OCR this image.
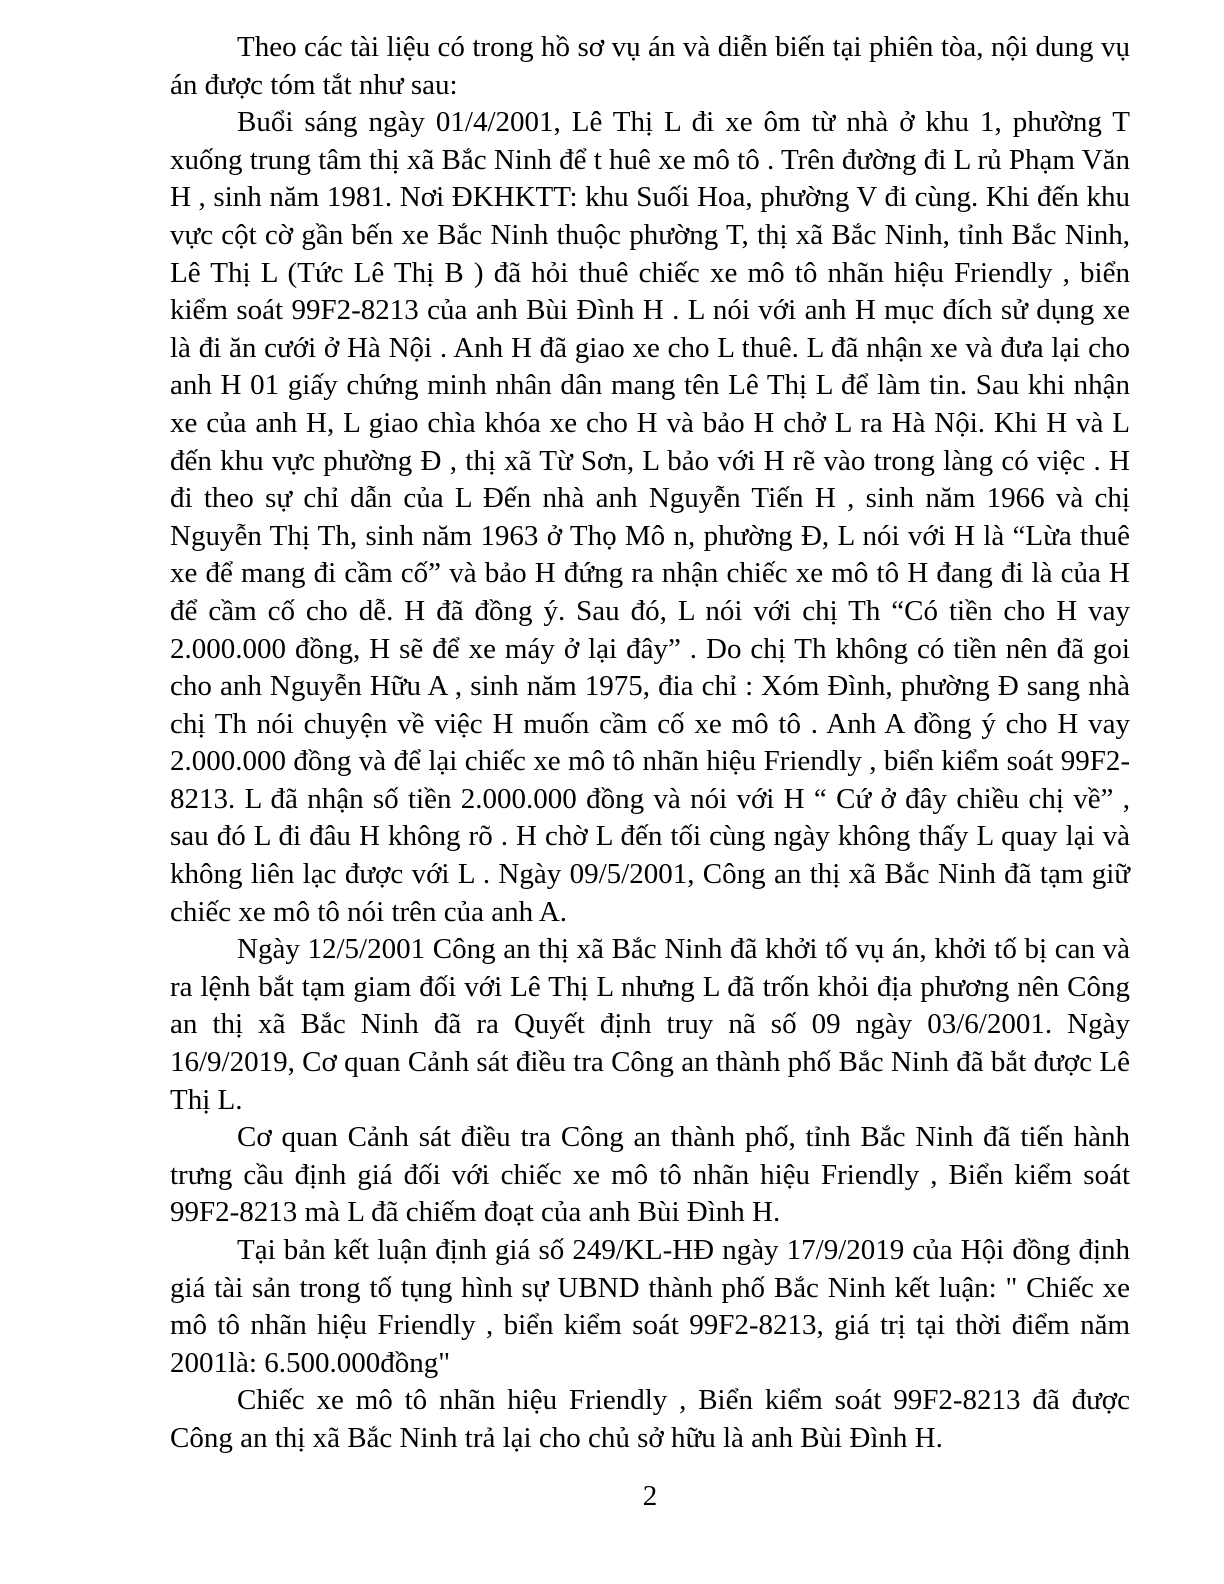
Theo các tài liệu có trong hồ sơ vụ án và diễn biến tại phiên tòa, nội dung vụ án được tóm tắt như sau:

Buổi sáng ngày 01/4/2001, Lê Thị L đi xe ôm từ nhà ở khu 1, phường T xuống trung tâm thị xã Bắc Ninh để t huê xe mô tô . Trên đường đi L rủ Phạm Văn H , sinh năm 1981. Nơi ĐKHKTT: khu Suối Hoa, phường V đi cùng. Khi đến khu vực cột cờ gần bến xe Bắc Ninh thuộc phường T, thị xã Bắc Ninh, tỉnh Bắc Ninh, Lê Thị L (Tức Lê Thị B ) đã hỏi thuê chiếc xe mô tô nhãn hiệu Friendly , biển kiểm soát 99F2-8213 của anh Bùi Đình H . L nói với anh H mục đích sử dụng xe là đi ăn cưới ở Hà Nội . Anh H đã giao xe cho L thuê. L đã nhận xe và đưa lại cho anh H 01 giấy chứng minh nhân dân mang tên Lê Thị L để làm tin. Sau khi nhận xe của anh H, L giao chìa khóa xe cho H và bảo H chở L ra Hà Nội. Khi H và L đến khu vực phường Đ , thị xã Từ Sơn, L bảo với H rẽ vào trong làng có việc . H đi theo sự chỉ dẫn của L Đến nhà anh Nguyễn Tiến H , sinh năm 1966 và chị Nguyễn Thị Th, sinh năm 1963 ở Thọ Mô n, phường Đ, L nói với H là “Lừa thuê xe để mang đi cầm cố” và bảo H đứng ra nhận chiếc xe mô tô H đang đi là của H để cầm cố cho dễ. H đã đồng ý. Sau đó, L nói với chị Th “Có tiền cho H vay 2.000.000 đồng, H sẽ để xe máy ở lại đây” . Do chị Th không có tiền nên đã goi cho anh Nguyễn Hữu A , sinh năm 1975, đia chỉ : Xóm Đình, phường Đ sang nhà chị Th nói chuyện về việc H muốn cầm cố xe mô tô . Anh A đồng ý cho H vay 2.000.000 đồng và để lại chiếc xe mô tô nhãn hiệu Friendly , biển kiểm soát 99F2-8213. L đã nhận số tiền 2.000.000 đồng và nói với H “ Cứ ở đây chiều chị về” , sau đó L đi đâu H không rõ . H chờ L đến tối cùng ngày không thấy L quay lại và không liên lạc được với L . Ngày 09/5/2001, Công an thị xã Bắc Ninh đã tạm giữ chiếc xe mô tô nói trên của anh A.

Ngày 12/5/2001 Công an thị xã Bắc Ninh đã khởi tố vụ án, khởi tố bị can và ra lệnh bắt tạm giam đối với Lê Thị L nhưng L đã trốn khỏi địa phương nên Công an thị xã Bắc Ninh đã ra Quyết định truy nã số 09 ngày 03/6/2001. Ngày 16/9/2019, Cơ quan Cảnh sát điều tra Công an thành phố Bắc Ninh đã bắt được Lê Thị L.

Cơ quan Cảnh sát điều tra Công an thành phố, tỉnh Bắc Ninh đã tiến hành trưng cầu định giá đối với chiếc xe mô tô nhãn hiệu Friendly , Biển kiểm soát 99F2-8213 mà L đã chiếm đoạt của anh Bùi Đình H.

Tại bản kết luận định giá số 249/KL-HĐ ngày 17/9/2019 của Hội đồng định giá tài sản trong tố tụng hình sự UBND thành phố Bắc Ninh kết luận: " Chiếc xe mô tô nhãn hiệu Friendly , biển kiểm soát 99F2-8213, giá trị tại thời điểm năm 2001là: 6.500.000đồng"

Chiếc xe mô tô nhãn hiệu Friendly , Biển kiểm soát 99F2-8213 đã được Công an thị xã Bắc Ninh trả lại cho chủ sở hữu là anh Bùi Đình H.

2
